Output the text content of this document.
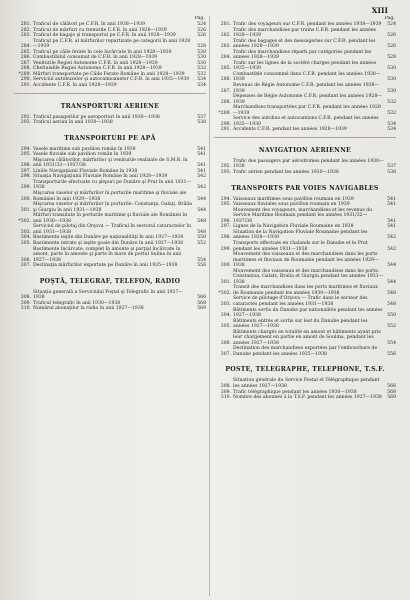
XIII
Pag.
281. Traficul de călători pe C.F.R. în anii 1938—1939	524
282. Traficul de mărfuri cu trenurile C.F.R. în anii 1928—1939	526
283. Traficul de bagaje şi transportul pe C.F.R. în anii 1928—1939	526
284.
Traficul pe C.F.R. al mărfurilor repartizate pe categorii în anii 1928—1939	528
285. Traficul pe căile ferate în cele încărcate în anii 1928—1939	530
286. Combustibilul consumat de C.F.R. în anii 1928—1939	530
287. Veniturile Regiei Autonome C.F.R. în anii 1928—1939	530
288. Cheltuielile Regiei Autonome C.F.R. în anii 1928—1939	532
*289. Mărfuri transportate pe Căile Ferate Române în anii 1928—1939	532
290. Serviciul autobuzelor şi autocamioanelor C.F.R. în anii 1935—1939	534
291. Accidente C.F.R. în anii 1928—1939	534
TRANSPORTURI AERIENE
292. Traficul pasagerilor pe aeroporturi în anii 1930—1938	537
293. Traficul aerian în anii 1930—1938	538
TRANSPORTURI PE APĂ
294. Vasele maritime sub pavilion român în 1939	541
295. Vasele fluviale sub pavilion român în 1939	541
296.
Mişcarea călătorilor, mărfurilor şi veniturile realizate de S.M.R. în anii 1931/32—1937/38	541
297. Liniile Navigaţiunii Fluviale Române în 1938	541
298. Situaţia Navigaţiunii Fluviale Române în anii 1928—1939	542
299.
Transporturile efectuate cu şlepuri pe Dunăre şi Prut în anii 1931—1938	542
300.
Mişcarea vaselor şi mărfurilor în porturile maritime şi fluviale ale României în anii 1929—1938	544
301.
Mişcarea vaselor şi mărfurilor în porturile: Constanţa, Galaţi, Brăila şi Giurgiu în anii 1931—1938	544
*302.
Mărfuri transitate în porturile maritime şi fluviale ale României în anii 1930—1938	548
303.
Serviciul de pilotaj din Orşova — Traficul în sectorul cataractelor în anii 1931—1938	548
304. Bastimente ieşite din Dunăre pe naţionalităţi în anii 1927—1938	550
305. Bastimente intrate şi ieşite goale din Dunăre în anii 1927—1938	552
306.
Bastimente încărcate, complet în amonte şi parţial încărcate în amont, parte în amonte şi parte în mare de portul Sulina în anii 1927—1938	554
307. Destinaţia mărfurilor exportate pe Dunăre în anii 1935—1938	556
POŞTĂ, TELEGRAF, TELEFON, RADIO
308.
Situaţia generală a Serviciului Poştal şi Telegrafic în anii 1927—1938	566
309. Traficul telegrafic în anii 1930—1938	568
310. Numărul abonaţilor la radio în anii 1927—1938	569
Pag.
281. Trafic des voyageurs sur C.F.R. pendant les années 1938—1939	524
282.
Trafic des marchandises par trains C.F.R. pendant les années 1928—1939	526
283.
Trafic des bagages et des messageries sur C.F.R. pendant les années 1928—1939	526
284.
Trafic des marchandises réparti par catégories pendant les années 1928—1939	528
285.
Trafic sur les lignes de la société charges pendant les années 1935—1939	530
286.
Combustible consommé dans C.F.R. pendant les années 1928—1939	530
287.
Revenus de Régie Autonome C.F.R. pendant les années 1928—1939	530
288.
Dépenses de Régie Autonome C.F.R. pendant les années 1928—1939	532
*289.
Marchandises transportées par C.F.R. pendant les années 1928—1939	532
290.
Service des autobus et autocamions C.F.R. pendant les années 1935—1939	534
291. Accidents C.F.R. pendant les années 1928—1939	534
NAVIGATION AERIENNE
292.
Trafic des passagers par aérodromes pendant les années 1930—1938	537
293. Trafic aérien pendant les années 1930—1938	538
TRANSPORTS PAR VOIES NAVIGABLES
294. Vaisseaux maritimes sous pavillon roumain en 1939	541
295. Vaisseaux fluviales sous pavillon roumain en 1939	541
296.
Mouvement des voyageurs, marchandises et les revenus du Service Maritime Roumain pendant les années 1931/32—1937/38	541
297. Lignes de la Navigation Fluviale Roumaine en 1938	541
298.
Situation de la Navigation Fluviale Roumaine pendant les années 1928—1939	542
299.
Transports effectués en chalands sur le Danube et le Prut pendant les années 1931—1938	542
300.
Mouvement des vaisseaux et des marchandises dans les ports maritimes et fluviaux de Roumanie pendant les années 1929—1938	544
301.
Mouvement des vaisseaux et des marchandises dans les ports: Constantza, Galatz, Braila et Giurgiu pendant les années 1931—1938	544
*302.
Transit des marchandises dans les ports maritimes et fluviaux de Roumanie pendant les années 1930—1938	548
303.
Service de pilotage d'Orşova — Trafic dans le secteur des cataractes pendant les années 1931—1938	548
304.
Bâtiments sortis du Danube par nationalités pendant les années 1927—1938	550
305.
Bâtiments entrés et sortis sur lest du Danube pendant les années 1927—1938	552
306.
Bâtiments chargés en totalité en amont et bâtiments ayant pris leur chargement en partie en amont de Soulina, pendant les années 1927—1938	554
307.
Destination des marchandises exportées par l'embouchure de Danube pendant les années 1935—1938	556
POSTE, TELEGRAPHE, TELEPHONE, T.S.F.
308.
Situation générale du Service Postal et Télégraphique pendant les années 1927—1938	566
309. Trafic télégraphique pendant les années 1930—1938	568
310. Nombre des abonnés à la T.S.F. pendant les années 1927—1938	569
